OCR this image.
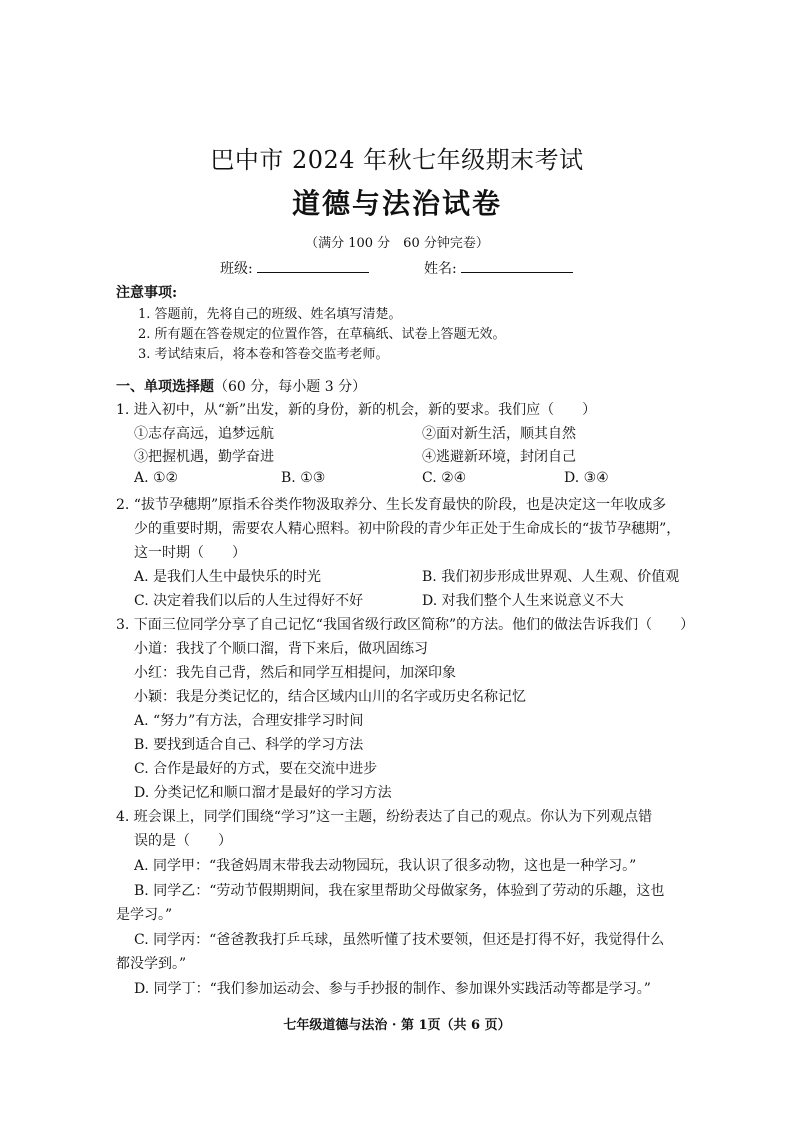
巴中市 2024 年秋七年级期末考试
道德与法治试卷
（满分 100 分　60 分钟完卷）
班级:	姓名:
注意事项:
1. 答题前，先将自己的班级、姓名填写清楚。
2. 所有题在答卷规定的位置作答，在草稿纸、试卷上答题无效。
3. 考试结束后，将本卷和答卷交监考老师。
一、单项选择题（60 分，每小题 3 分）
1. 进入初中，从“新”出发，新的身份，新的机会，新的要求。我们应（　　）
①志存高远，追梦远航	②面对新生活，顺其自然
③把握机遇，勤学奋进	④逃避新环境，封闭自己
A. ①②	B. ①③	C. ②④	D. ③④
2. “拔节孕穗期”原指禾谷类作物汲取养分、生长发育最快的阶段，也是决定这一年收成多
少的重要时期，需要农人精心照料。初中阶段的青少年正处于生命成长的“拔节孕穗期”，
这一时期（　　）
A. 是我们人生中最快乐的时光	B. 我们初步形成世界观、人生观、价值观
C. 决定着我们以后的人生过得好不好	D. 对我们整个人生来说意义不大
3. 下面三位同学分享了自己记忆“我国省级行政区简称”的方法。他们的做法告诉我们（　　）
小道：我找了个顺口溜，背下来后，做巩固练习
小红：我先自己背，然后和同学互相提问，加深印象
小颖：我是分类记忆的，结合区域内山川的名字或历史名称记忆
A. “努力”有方法，合理安排学习时间
B. 要找到适合自己、科学的学习方法
C. 合作是最好的方式，要在交流中进步
D. 分类记忆和顺口溜才是最好的学习方法
4. 班会课上，同学们围绕“学习”这一主题，纷纷表达了自己的观点。你认为下列观点错
误的是（　　）
A. 同学甲：“我爸妈周末带我去动物园玩，我认识了很多动物，这也是一种学习。”
B. 同学乙：“劳动节假期期间，我在家里帮助父母做家务，体验到了劳动的乐趣，这也
是学习。”
C. 同学丙：“爸爸教我打乒乓球，虽然听懂了技术要领，但还是打得不好，我觉得什么
都没学到。”
D. 同学丁：“我们参加运动会、参与手抄报的制作、参加课外实践活动等都是学习。”
七年级道德与法治 · 第 1页（共 6 页）
